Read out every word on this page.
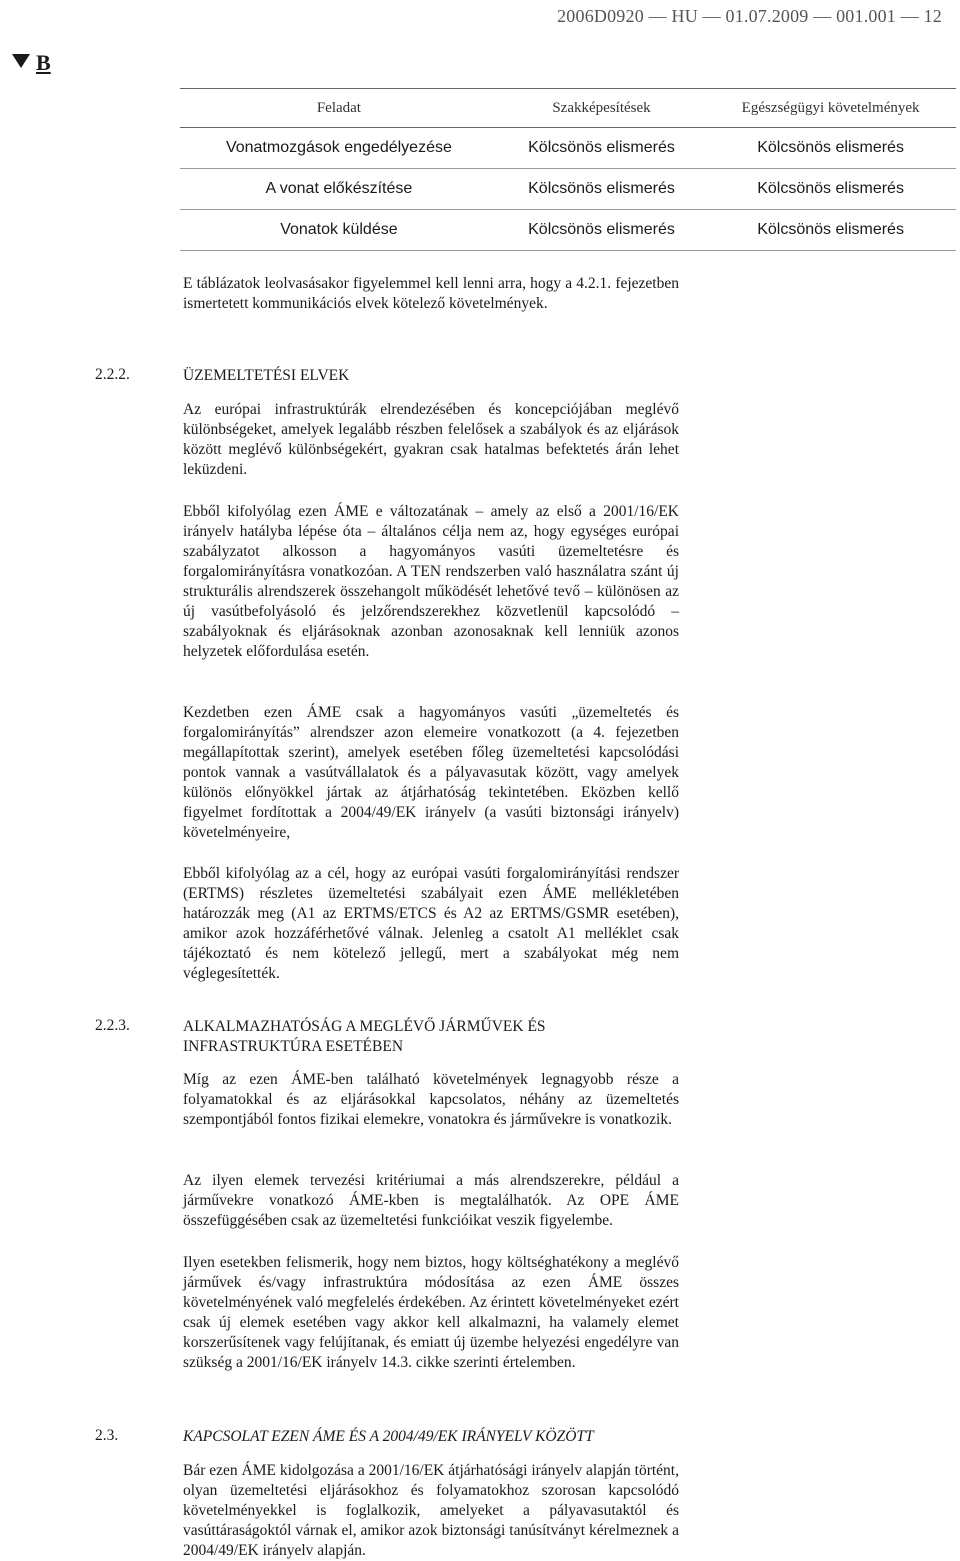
2006D0920 — HU — 01.07.2009 — 001.001 — 12
B
Feladat	Szakképesítések	Egészségügyi követelmények
Vonatmozgások engedélyezése	Kölcsönös elismerés	Kölcsönös elismerés
A vonat előkészítése	Kölcsönös elismerés	Kölcsönös elismerés
Vonatok küldése	Kölcsönös elismerés	Kölcsönös elismerés
E táblázatok leolvasásakor figyelemmel kell lenni arra, hogy a 4.2.1. fejezetben ismertetett kommunikációs elvek kötelező követelmények.
2.2.2.	ÜZEMELTETÉSI ELVEK
Az európai infrastruktúrák elrendezésében és koncepciójában meglévő különbségeket, amelyek legalább részben felelősek a szabályok és az eljárások között meglévő különbségekért, gyakran csak hatalmas befektetés árán lehet leküzdeni.
Ebből kifolyólag ezen ÁME e változatának – amely az első a 2001/16/EK irányelv hatályba lépése óta – általános célja nem az, hogy egységes európai szabályzatot alkosson a hagyományos vasúti üzemeltetésre és forgalomirányításra vonatkozóan. A TEN rendszerben való használatra szánt új strukturális alrendszerek összehangolt működését lehetővé tevő – különösen az új vasútbefolyásoló és jelzőrendszerekhez közvetlenül kapcsolódó – szabályoknak és eljárásoknak azonban azonosaknak kell lenniük azonos helyzetek előfordulása esetén.
Kezdetben ezen ÁME csak a hagyományos vasúti „üzemeltetés és forgalomirányítás” alrendszer azon elemeire vonatkozott (a 4. fejezetben megállapítottak szerint), amelyek esetében főleg üzemeltetési kapcsolódási pontok vannak a vasútvállalatok és a pályavasutak között, vagy amelyek különös előnyökkel jártak az átjárhatóság tekintetében. Eközben kellő figyelmet fordítottak a 2004/49/EK irányelv (a vasúti biztonsági irányelv) követelményeire,
Ebből kifolyólag az a cél, hogy az európai vasúti forgalomirányítási rendszer (ERTMS) részletes üzemeltetési szabályait ezen ÁME mellékletében határozzák meg (A1 az ERTMS/ETCS és A2 az ERTMS/GSMR esetében), amikor azok hozzáférhetővé válnak. Jelenleg a csatolt A1 melléklet csak tájékoztató és nem kötelező jellegű, mert a szabályokat még nem véglegesítették.
2.2.3.	ALKALMAZHATÓSÁG A MEGLÉVŐ JÁRMŰVEK ÉS INFRASTRUKTÚRA ESETÉBEN
Míg az ezen ÁME-ben található követelmények legnagyobb része a folyamatokkal és az eljárásokkal kapcsolatos, néhány az üzemeltetés szempontjából fontos fizikai elemekre, vonatokra és járművekre is vonatkozik.
Az ilyen elemek tervezési kritériumai a más alrendszerekre, például a járművekre vonatkozó ÁME-kben is megtalálhatók. Az OPE ÁME összefüggésében csak az üzemeltetési funkcióikat veszik figyelembe.
Ilyen esetekben felismerik, hogy nem biztos, hogy költséghatékony a meglévő járművek és/vagy infrastruktúra módosítása az ezen ÁME összes követelményének való megfelelés érdekében. Az érintett követelményeket ezért csak új elemek esetében vagy akkor kell alkalmazni, ha valamely elemet korszerűsítenek vagy felújítanak, és emiatt új üzembe helyezési engedélyre van szükség a 2001/16/EK irányelv 14.3. cikke szerinti értelemben.
2.3.	KAPCSOLAT EZEN ÁME ÉS A 2004/49/EK IRÁNYELV KÖZÖTT
Bár ezen ÁME kidolgozása a 2001/16/EK átjárhatósági irányelv alapján történt, olyan üzemeltetési eljárásokhoz és folyamatokhoz szorosan kapcsolódó követelményekkel is foglalkozik, amelyeket a pályavasutaktól és vasúttáraságoktól várnak el, amikor azok biztonsági tanúsítványt kérelmeznek a 2004/49/EK irányelv alapján.
